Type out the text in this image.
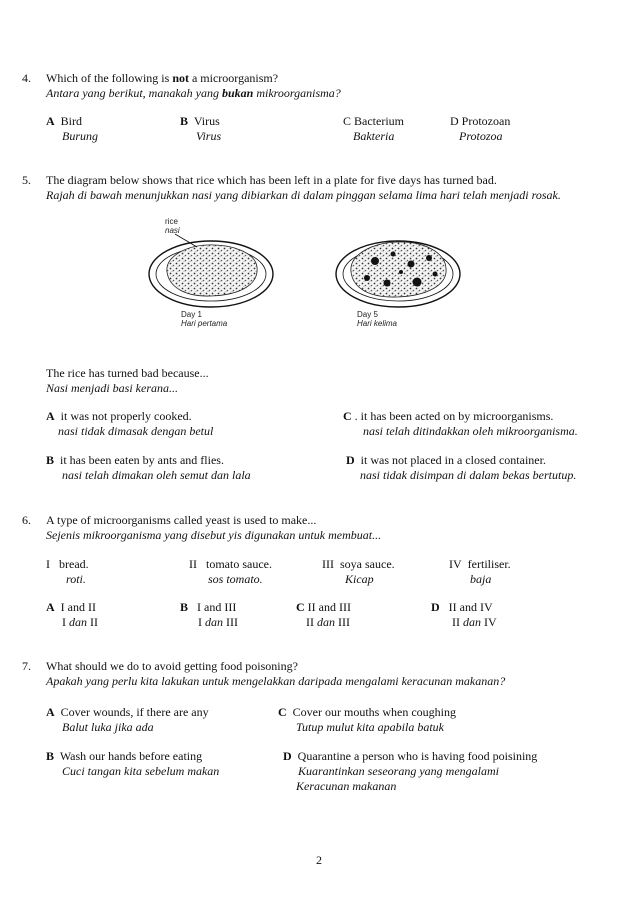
4. Which of the following is not a microorganism?
Antara yang berikut, manakah yang bukan mikroorganisma?
A Bird
Burung
B Virus
Virus
C Bacterium
Bakteria
D Protozoan
Protozoa
5. The diagram below shows that rice which has been left in a plate for five days has turned bad.
Rajah di bawah menunjukkan nasi yang dibiarkan di dalam pinggan selama lima hari telah menjadi rosak.
rice
nasi
Day 1
Hari pertama
Day 5
Hari kelima
The rice has turned bad because...
Nasi menjadi basi kerana...
A it was not properly cooked.
nasi tidak dimasak dengan betul
C . it has been acted on by microorganisms.
nasi telah ditindakkan oleh mikroorganisma.
B it has been eaten by ants and flies.
nasi telah dimakan oleh semut dan lala
D it was not placed in a closed container.
nasi tidak disimpan di dalam bekas bertutup.
6. A type of microorganisms called yeast is used to make...
Sejenis mikroorganisma yang disebut yis digunakan untuk membuat...
I bread.
roti.
II tomato sauce.
sos tomato.
III soya sauce.
Kicap
IV fertiliser.
baja
A I and II
I dan II
B I and III
I dan III
C II and III
II dan III
D II and IV
II dan IV
7. What should we do to avoid getting food poisoning?
Apakah yang perlu kita lakukan untuk mengelakkan daripada mengalami keracunan makanan?
A Cover wounds, if there are any
Balut luka jika ada
C Cover our mouths when coughing
Tutup mulut kita apabila batuk
B Wash our hands before eating
Cuci tangan kita sebelum makan
D Quarantine a person who is having food poisining
Kuarantinkan seseorang yang mengalami
Keracunan makanan
2
